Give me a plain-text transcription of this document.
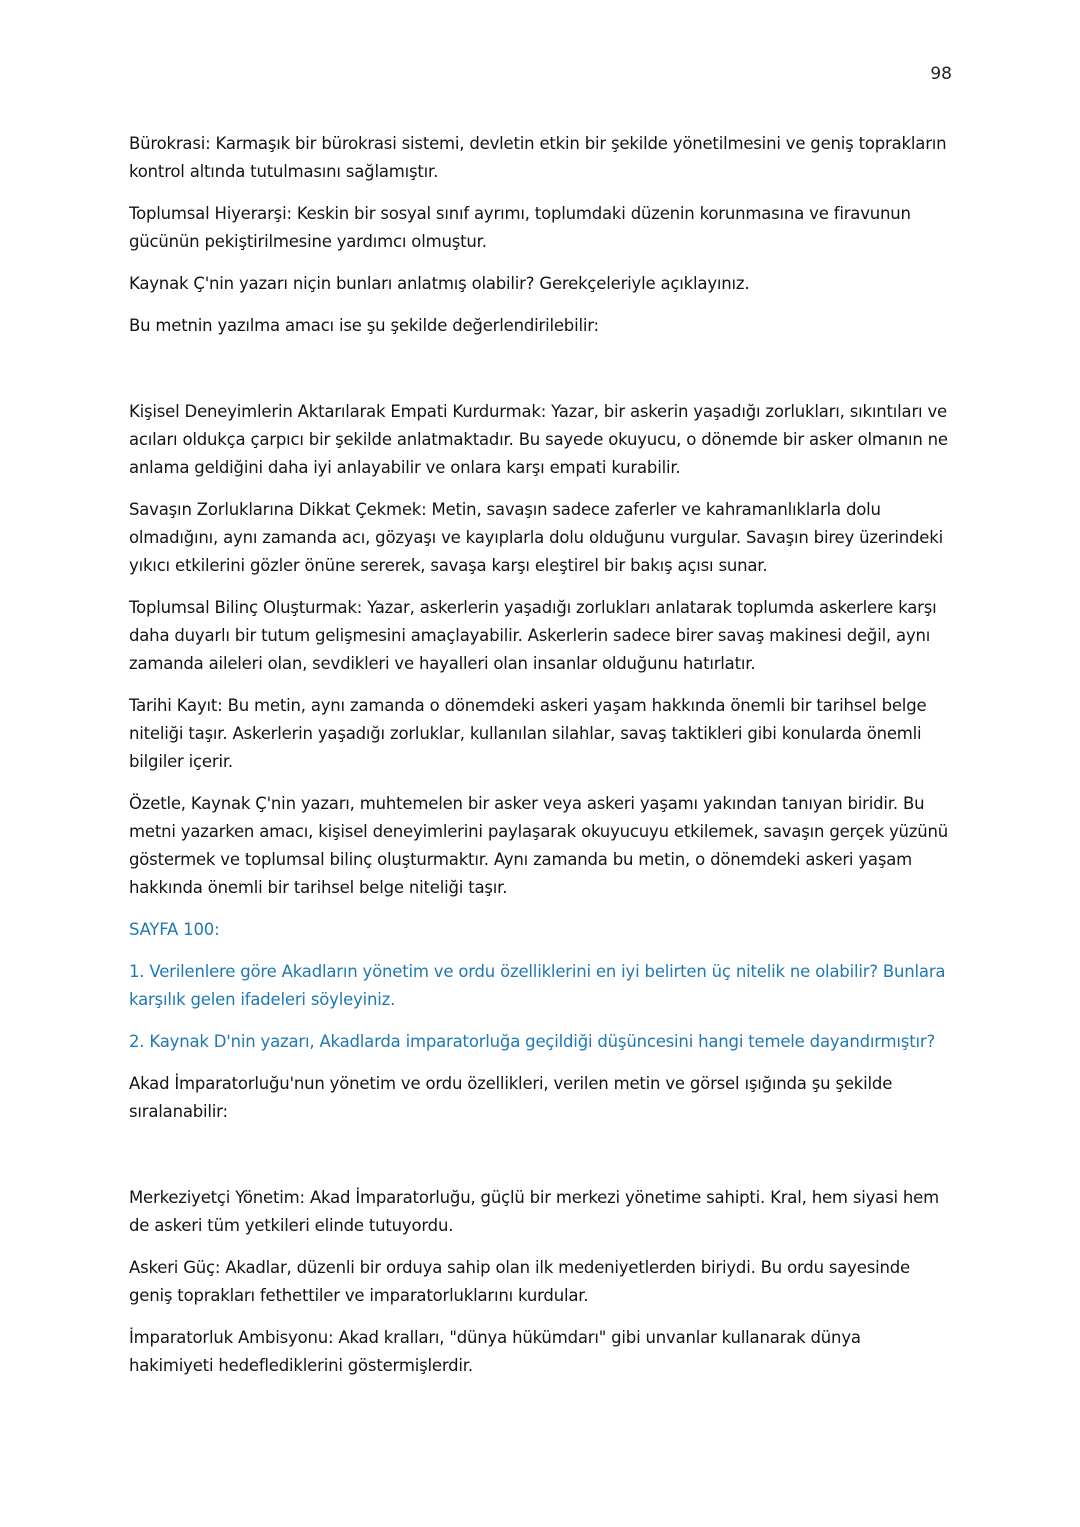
98

Bürokrasi: Karmaşık bir bürokrasi sistemi, devletin etkin bir şekilde yönetilmesini ve geniş toprakların kontrol altında tutulmasını sağlamıştır.

Toplumsal Hiyerarşi: Keskin bir sosyal sınıf ayrımı, toplumdaki düzenin korunmasına ve firavunun gücünün pekiştirilmesine yardımcı olmuştur.

Kaynak Ç'nin yazarı niçin bunları anlatmış olabilir? Gerekçeleriyle açıklayınız.

Bu metnin yazılma amacı ise şu şekilde değerlendirilebilir:

Kişisel Deneyimlerin Aktarılarak Empati Kurdurmak: Yazar, bir askerin yaşadığı zorlukları, sıkıntıları ve acıları oldukça çarpıcı bir şekilde anlatmaktadır. Bu sayede okuyucu, o dönemde bir asker olmanın ne anlama geldiğini daha iyi anlayabilir ve onlara karşı empati kurabilir.

Savaşın Zorluklarına Dikkat Çekmek: Metin, savaşın sadece zaferler ve kahramanlıklarla dolu olmadığını, aynı zamanda acı, gözyaşı ve kayıplarla dolu olduğunu vurgular. Savaşın birey üzerindeki yıkıcı etkilerini gözler önüne sererek, savaşa karşı eleştirel bir bakış açısı sunar.

Toplumsal Bilinç Oluşturmak: Yazar, askerlerin yaşadığı zorlukları anlatarak toplumda askerlere karşı daha duyarlı bir tutum gelişmesini amaçlayabilir. Askerlerin sadece birer savaş makinesi değil, aynı zamanda aileleri olan, sevdikleri ve hayalleri olan insanlar olduğunu hatırlatır.

Tarihi Kayıt: Bu metin, aynı zamanda o dönemdeki askeri yaşam hakkında önemli bir tarihsel belge niteliği taşır. Askerlerin yaşadığı zorluklar, kullanılan silahlar, savaş taktikleri gibi konularda önemli bilgiler içerir.

Özetle, Kaynak Ç'nin yazarı, muhtemelen bir asker veya askeri yaşamı yakından tanıyan biridir. Bu metni yazarken amacı, kişisel deneyimlerini paylaşarak okuyucuyu etkilemek, savaşın gerçek yüzünü göstermek ve toplumsal bilinç oluşturmaktır. Aynı zamanda bu metin, o dönemdeki askeri yaşam hakkında önemli bir tarihsel belge niteliği taşır.

SAYFA 100:

1. Verilenlere göre Akadların yönetim ve ordu özelliklerini en iyi belirten üç nitelik ne olabilir? Bunlara karşılık gelen ifadeleri söyleyiniz.

2. Kaynak D'nin yazarı, Akadlarda imparatorluğa geçildiği düşüncesini hangi temele dayandırmıştır?

Akad İmparatorluğu'nun yönetim ve ordu özellikleri, verilen metin ve görsel ışığında şu şekilde sıralanabilir:

Merkeziyetçi Yönetim: Akad İmparatorluğu, güçlü bir merkezi yönetime sahipti. Kral, hem siyasi hem de askeri tüm yetkileri elinde tutuyordu.

Askeri Güç: Akadlar, düzenli bir orduya sahip olan ilk medeniyetlerden biriydi. Bu ordu sayesinde geniş toprakları fethettiler ve imparatorluklarını kurdular.

İmparatorluk Ambisyonu: Akad kralları, "dünya hükümdarı" gibi unvanlar kullanarak dünya hakimiyeti hedeflediklerini göstermişlerdir.
